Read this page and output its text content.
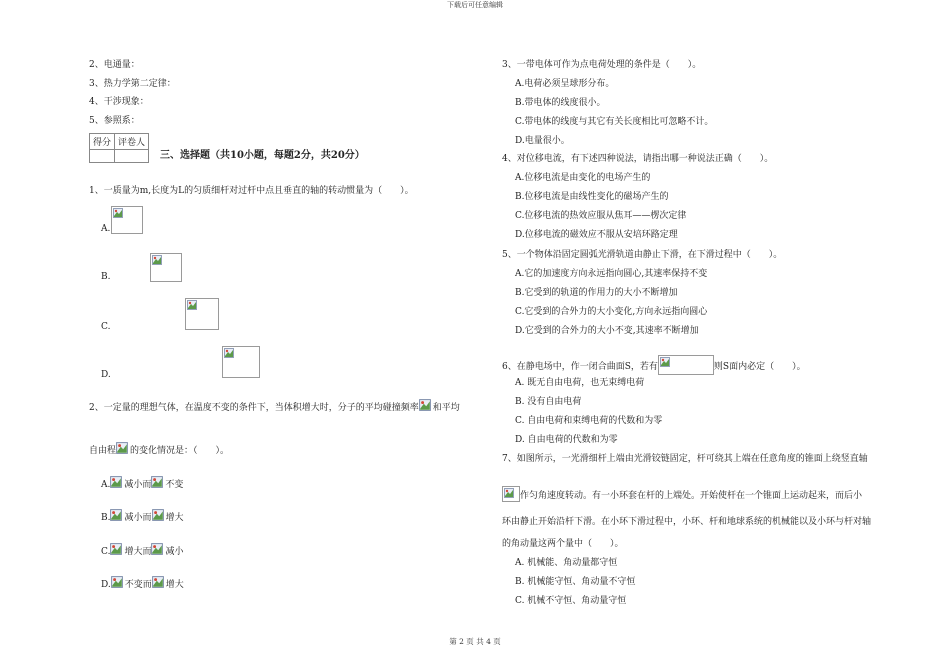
下载后可任意编辑
第 2 页 共 4 页
2、电通量：
3、热力学第二定律：
4、干涉现象：
5、参照系：
得分	评卷人

三、选择题（共10小题，每题2分，共20分）
1、一质量为m,长度为L的匀质细杆对过杆中点且垂直的轴的转动惯量为（　　）。
A.

B.

C.

D.
2、一定量的理想气体，在温度不变的条件下，当体积增大时，分子的平均碰撞频率 和平均
自由程 的变化情况是：（　　）。
A. 减小而 不变
B. 减小而 增大
C. 增大而 减小
D. 不变而 增大
3、一带电体可作为点电荷处理的条件是（　　）。
A.电荷必须呈球形分布。
B.带电体的线度很小。
C.带电体的线度与其它有关长度相比可忽略不计。
D.电量很小。
4、对位移电流，有下述四种说法，请指出哪一种说法正确（　　）。
A.位移电流是由变化的电场产生的
B.位移电流是由线性变化的磁场产生的
C.位移电流的热效应服从焦耳——楞次定律
D.位移电流的磁效应不服从安培环路定理
5、一个物体沿固定圆弧光滑轨道由静止下滑，在下滑过程中（　　）。
A.它的加速度方向永远指向圆心,其速率保持不变
B.它受到的轨道的作用力的大小不断增加
C.它受到的合外力的大小变化,方向永远指向圆心
D.它受到的合外力的大小不变,其速率不断增加
6、在静电场中，作一闭合曲面S，若有	则S面内必定（　　）。
A. 既无自由电荷，也无束缚电荷
B. 没有自由电荷
C. 自由电荷和束缚电荷的代数和为零
D. 自由电荷的代数和为零
7、如图所示，一光滑细杆上端由光滑铰链固定，杆可绕其上端在任意角度的锥面上绕竖直轴
作匀角速度转动。有一小环套在杆的上端处。开始使杆在一个锥面上运动起来，而后小
环由静止开始沿杆下滑。在小环下滑过程中，小环、杆和地球系统的机械能以及小环与杆对轴
的角动量这两个量中（　　）。
A. 机械能、角动量都守恒
B. 机械能守恒、角动量不守恒
C. 机械不守恒、角动量守恒
